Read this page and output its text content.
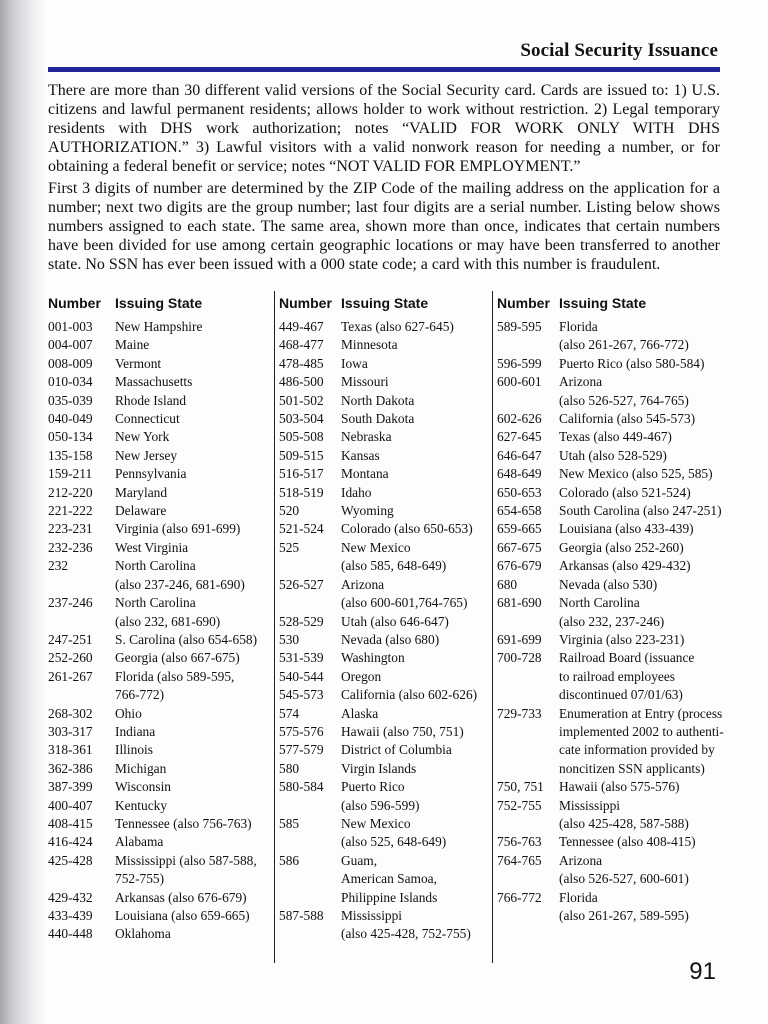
Social Security Issuance
There are more than 30 different valid versions of the Social Security card. Cards are issued to: 1) U.S. citizens and lawful permanent residents; allows holder to work without restriction. 2) Legal temporary residents with DHS work authorization; notes “VALID FOR WORK ONLY WITH DHS AUTHORIZATION.” 3) Lawful visitors with a valid nonwork reason for needing a number, or for obtaining a federal benefit or service; notes “NOT VALID FOR EMPLOYMENT.”
First 3 digits of number are determined by the ZIP Code of the mailing address on the application for a number; next two digits are the group number; last four digits are a serial number. Listing below shows numbers assigned to each state. The same area, shown more than once, indicates that certain numbers have been divided for use among certain geographic locations or may have been transferred to another state. No SSN has ever been issued with a 000 state code; a card with this number is fraudulent.
Number Issuing State
001-003	New Hampshire
004-007	Maine
008-009	Vermont
010-034	Massachusetts
035-039	Rhode Island
040-049	Connecticut
050-134	New York
135-158	New Jersey
159-211	Pennsylvania
212-220	Maryland
221-222	Delaware
223-231	Virginia (also 691-699)
232-236	West Virginia
232	North Carolina
(also 237-246, 681-690)
237-246	North Carolina
(also 232, 681-690)
247-251	S. Carolina (also 654-658)
252-260	Georgia (also 667-675)
261-267	Florida (also 589-595,
766-772)
268-302	Ohio
303-317	Indiana
318-361	Illinois
362-386	Michigan
387-399	Wisconsin
400-407	Kentucky
408-415	Tennessee (also 756-763)
416-424	Alabama
425-428	Mississippi (also 587-588,
752-755)
429-432	Arkansas (also 676-679)
433-439	Louisiana (also 659-665)
440-448	Oklahoma
Number Issuing State
449-467	Texas (also 627-645)
468-477	Minnesota
478-485	Iowa
486-500	Missouri
501-502	North Dakota
503-504	South Dakota
505-508	Nebraska
509-515	Kansas
516-517	Montana
518-519	Idaho
520	Wyoming
521-524	Colorado (also 650-653)
525	New Mexico
(also 585, 648-649)
526-527	Arizona
(also 600-601,764-765)
528-529	Utah (also 646-647)
530	Nevada (also 680)
531-539	Washington
540-544	Oregon
545-573	California (also 602-626)
574	Alaska
575-576	Hawaii (also 750, 751)
577-579	District of Columbia
580	Virgin Islands
580-584	Puerto Rico
(also 596-599)
585	New Mexico
(also 525, 648-649)
586	Guam,
American Samoa,
Philippine Islands
587-588	Mississippi
(also 425-428, 752-755)
Number Issuing State
589-595	Florida
(also 261-267, 766-772)
596-599	Puerto Rico (also 580-584)
600-601	Arizona
(also 526-527, 764-765)
602-626	California (also 545-573)
627-645	Texas (also 449-467)
646-647	Utah (also 528-529)
648-649	New Mexico (also 525, 585)
650-653	Colorado (also 521-524)
654-658	South Carolina (also 247-251)
659-665	Louisiana (also 433-439)
667-675	Georgia (also 252-260)
676-679	Arkansas (also 429-432)
680	Nevada (also 530)
681-690	North Carolina
(also 232, 237-246)
691-699	Virginia (also 223-231)
700-728	Railroad Board (issuance
to railroad employees
discontinued 07/01/63)
729-733	Enumeration at Entry (process
implemented 2002 to authenti-
cate information provided by
noncitizen SSN applicants)
750, 751	Hawaii (also 575-576)
752-755	Mississippi
(also 425-428, 587-588)
756-763	Tennessee (also 408-415)
764-765	Arizona
(also 526-527, 600-601)
766-772	Florida
(also 261-267, 589-595)
91
